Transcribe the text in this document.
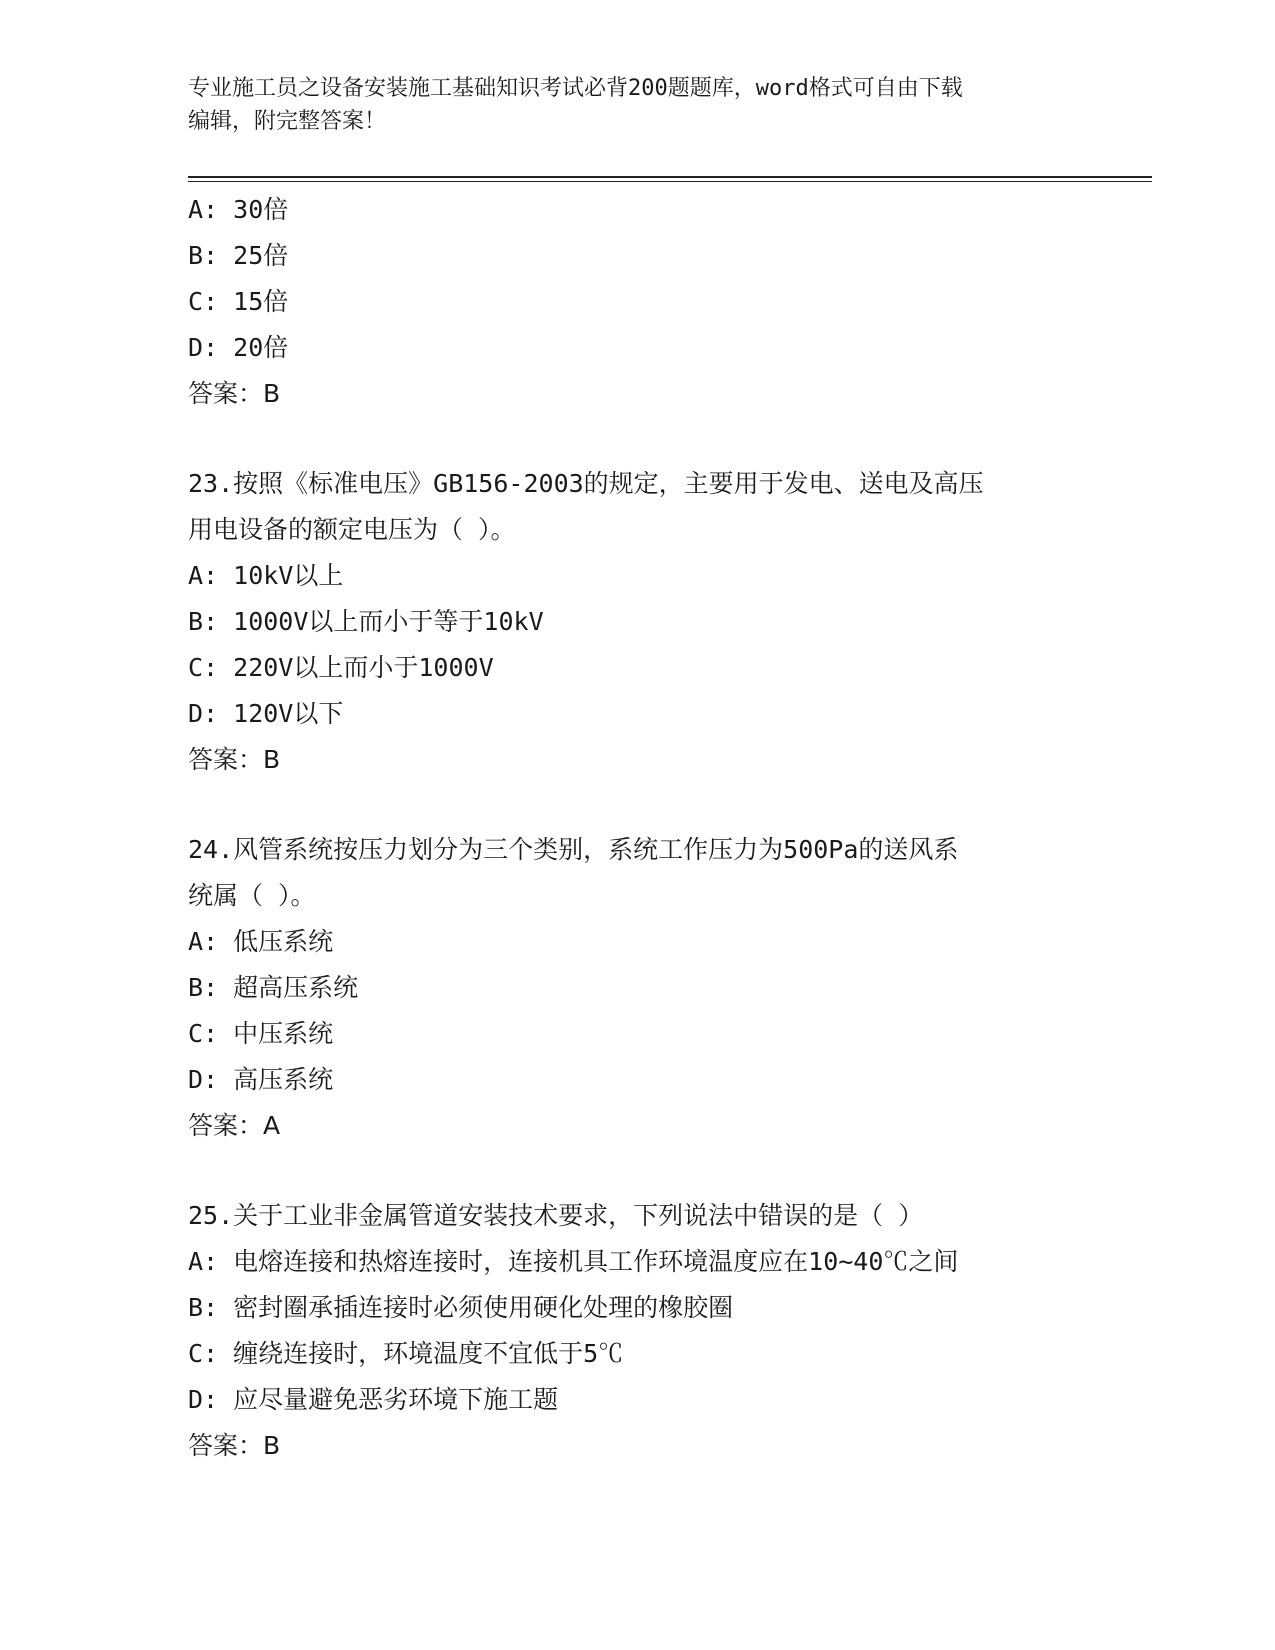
专业施工员之设备安装施工基础知识考试必背200题题库，word格式可自由下载
编辑，附完整答案！
A: 30倍
B: 25倍
C: 15倍
D: 20倍
答案：B
23.按照《标准电压》GB156-2003的规定，主要用于发电、送电及高压
用电设备的额定电压为（ ）。
A: 10kV以上
B: 1000V以上而小于等于10kV
C: 220V以上而小于1000V
D: 120V以下
答案：B
24.风管系统按压力划分为三个类别，系统工作压力为500Pa的送风系
统属（ ）。
A: 低压系统
B: 超高压系统
C: 中压系统
D: 高压系统
答案：A
25.关于工业非金属管道安装技术要求，下列说法中错误的是（ ）
A: 电熔连接和热熔连接时，连接机具工作环境温度应在10~40℃之间
B: 密封圈承插连接时必须使用硬化处理的橡胶圈
C: 缠绕连接时，环境温度不宜低于5℃
D: 应尽量避免恶劣环境下施工题
答案：B
